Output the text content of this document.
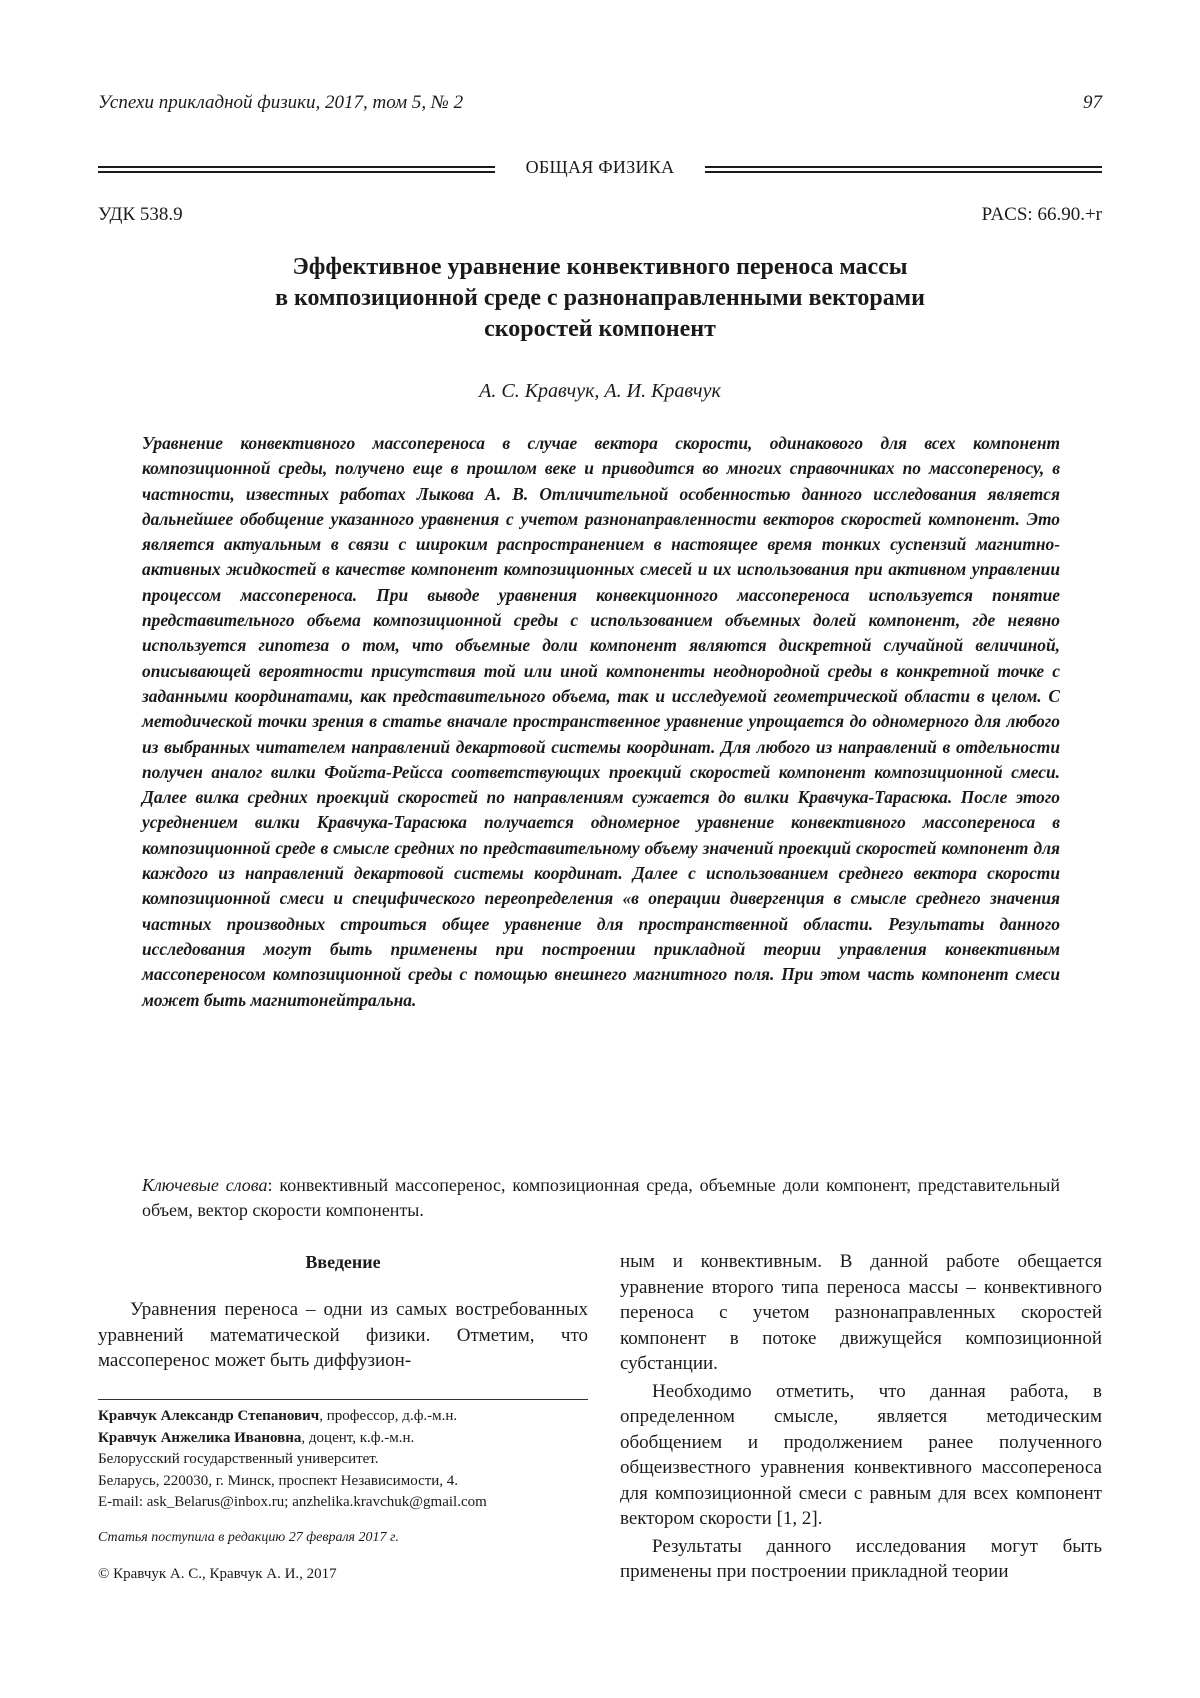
Успехи прикладной физики, 2017, том 5, № 2	97
ОБЩАЯ ФИЗИКА
УДК 538.9	PACS: 66.90.+r
Эффективное уравнение конвективного переноса массы
в композиционной среде с разнонаправленными векторами
скоростей компонент
А. С. Кравчук, А. И. Кравчук

Уравнение конвективного массопереноса в случае вектора скорости, одинакового для всех компонент композиционной среды, получено еще в прошлом веке и приводится во многих справочниках по массопереносу, в частности, известных работах Лыкова А. В. Отличительной особенностью данного исследования является дальнейшее обобщение указанного уравнения с учетом разнонаправленности векторов скоростей компонент. Это является актуальным в связи с широким распространением в настоящее время тонких суспензий магнитно-активных жидкостей в качестве компонент композиционных смесей и их использования при активном управлении процессом массопереноса. При выводе уравнения конвекционного массопереноса используется понятие представительного объема композиционной среды с использованием объемных долей компонент, где неявно используется гипотеза о том, что объемные доли компонент являются дискретной случайной величиной, описывающей вероятности присутствия той или иной компоненты неоднородной среды в конкретной точке с заданными координатами, как представительного объема, так и исследуемой геометрической области в целом. С методической точки зрения в статье вначале пространственное уравнение упрощается до одномерного для любого из выбранных читателем направлений декартовой системы координат. Для любого из направлений в отдельности получен аналог вилки Фойгта-Рейсса соответствующих проекций скоростей компонент композиционной смеси. Далее вилка средних проекций скоростей по направлениям сужается до вилки Кравчука-Тарасюка. После этого усреднением вилки Кравчука-Тарасюка получается одномерное уравнение конвективного массопереноса в композиционной среде в смысле средних по представительному объему значений проекций скоростей компонент для каждого из направлений декартовой системы координат. Далее с использованием среднего вектора скорости композиционной смеси и специфического переопределения «в операции дивергенция в смысле среднего значения частных производных строиться общее уравнение для пространственной области. Результаты данного исследования могут быть применены при построении прикладной теории управления конвективным массопереносом композиционной среды с помощью внешнего магнитного поля. При этом часть компонент смеси может быть магнитонейтральна.

Ключевые слова: конвективный массоперенос, композиционная среда, объемные доли компонент, представительный объем, вектор скорости компоненты.

Введение

Уравнения переноса – одни из самых востребованных уравнений математической физики. Отметим, что массоперенос может быть диффузион-

Кравчук Александр Степанович, профессор, д.ф.-м.н.
Кравчук Анжелика Ивановна, доцент, к.ф.-м.н.
Белорусский государственный университет.
Беларусь, 220030, г. Минск, проспект Независимости, 4.
E-mail: ask_Belarus@inbox.ru; anzhelika.kravchuk@gmail.com
Статья поступила в редакцию 27 февраля 2017 г.
© Кравчук А. С., Кравчук А. И., 2017

ным и конвективным. В данной работе обещается уравнение второго типа переноса массы – конвективного переноса с учетом разнонаправленных скоростей компонент в потоке движущейся композиционной субстанции.

Необходимо отметить, что данная работа, в определенном смысле, является методическим обобщением и продолжением ранее полученного общеизвестного уравнения конвективного массопереноса для композиционной смеси с равным для всех компонент вектором скорости [1, 2].

Результаты данного исследования могут быть применены при построении прикладной теории
